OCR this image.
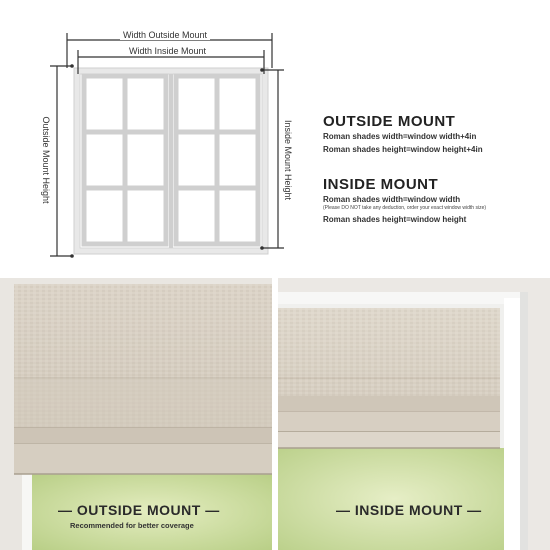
Width Outside Mount
Width Inside Mount
Outside Mount Height	Inside Mount Height OUTSIDE MOUNT
Roman shades width=window width+4in
Roman shades height=window height+4in
INSIDE MOUNT
Roman shades width=window width
(Please DO NOT take any deduction, order your exact window width size)
Roman shades height=window height
— OUTSIDE MOUNT —
Recommended for better coverage
— INSIDE MOUNT —
